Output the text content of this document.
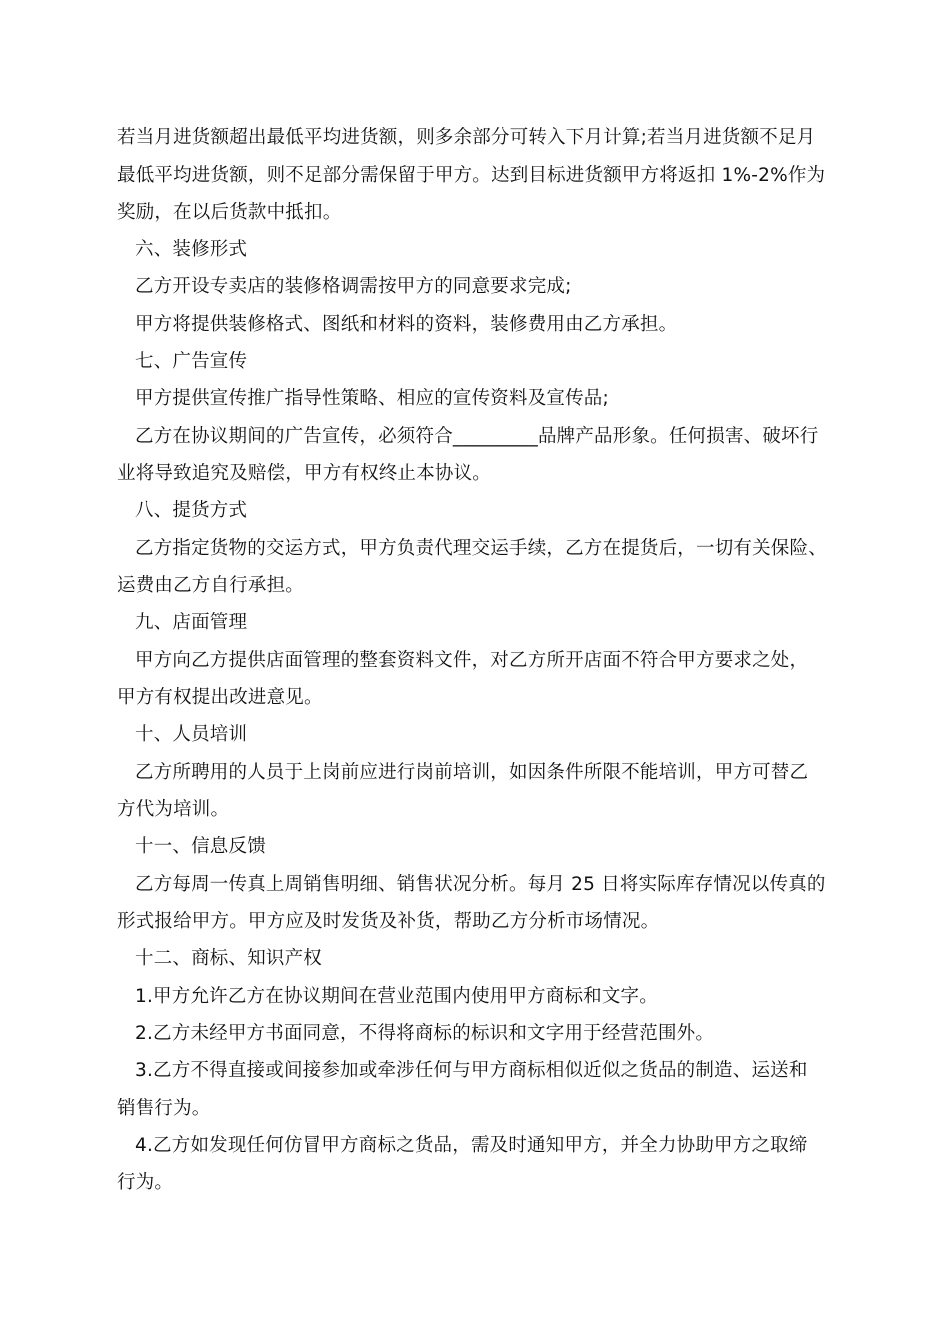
若当月进货额超出最低平均进货额，则多余部分可转入下月计算;若当月进货额不足月
最低平均进货额，则不足部分需保留于甲方。达到目标进货额甲方将返扣 1%-2%作为
奖励，在以后货款中抵扣。
六、装修形式
乙方开设专卖店的装修格调需按甲方的同意要求完成;
甲方将提供装修格式、图纸和材料的资料，装修费用由乙方承担。
七、广告宣传
甲方提供宣传推广指导性策略、相应的宣传资料及宣传品;
乙方在协议期间的广告宣传，必须符合_________品牌产品形象。任何损害、破坏行
业将导致追究及赔偿，甲方有权终止本协议。
八、提货方式
乙方指定货物的交运方式，甲方负责代理交运手续，乙方在提货后，一切有关保险、
运费由乙方自行承担。
九、店面管理
甲方向乙方提供店面管理的整套资料文件，对乙方所开店面不符合甲方要求之处，
甲方有权提出改进意见。
十、人员培训
乙方所聘用的人员于上岗前应进行岗前培训，如因条件所限不能培训，甲方可替乙
方代为培训。
十一、信息反馈
乙方每周一传真上周销售明细、销售状况分析。每月 25 日将实际库存情况以传真的
形式报给甲方。甲方应及时发货及补货，帮助乙方分析市场情况。
十二、商标、知识产权
1.甲方允许乙方在协议期间在营业范围内使用甲方商标和文字。
2.乙方未经甲方书面同意，不得将商标的标识和文字用于经营范围外。
3.乙方不得直接或间接参加或牵涉任何与甲方商标相似近似之货品的制造、运送和
销售行为。
4.乙方如发现任何仿冒甲方商标之货品，需及时通知甲方，并全力协助甲方之取缔
行为。
